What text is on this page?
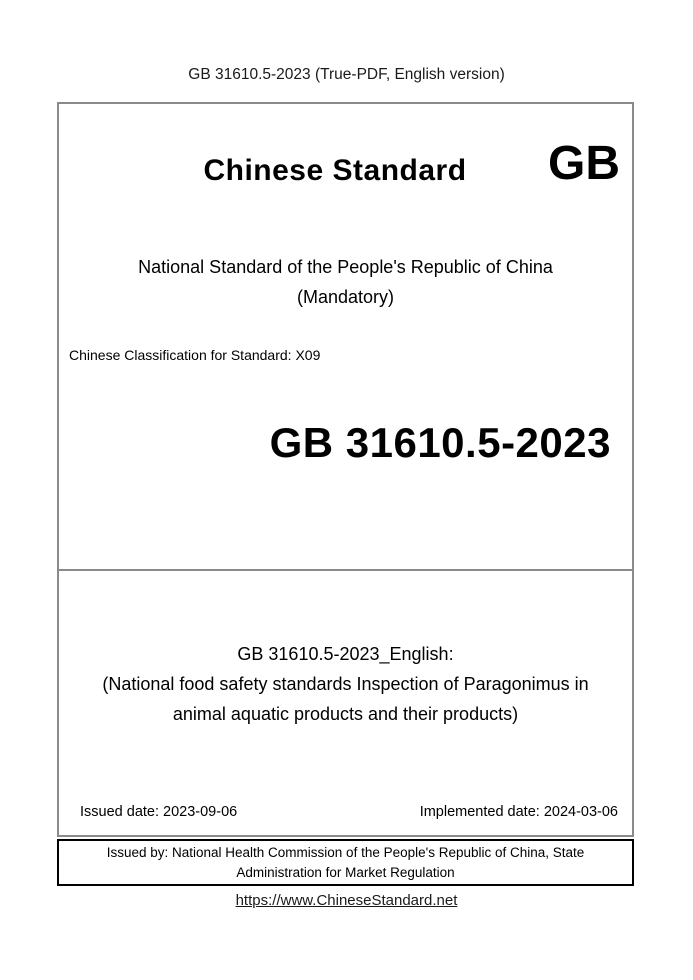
GB 31610.5-2023 (True-PDF, English version)
Chinese Standard	GB
National Standard of the People's Republic of China
(Mandatory)
Chinese Classification for Standard: X09
GB 31610.5-2023
GB 31610.5-2023_English:
(National food safety standards Inspection of Paragonimus in
animal aquatic products and their products)
Issued date: 2023-09-06	Implemented date: 2024-03-06
Issued by: National Health Commission of the People's Republic of China, State
Administration for Market Regulation
https://www.ChineseStandard.net
